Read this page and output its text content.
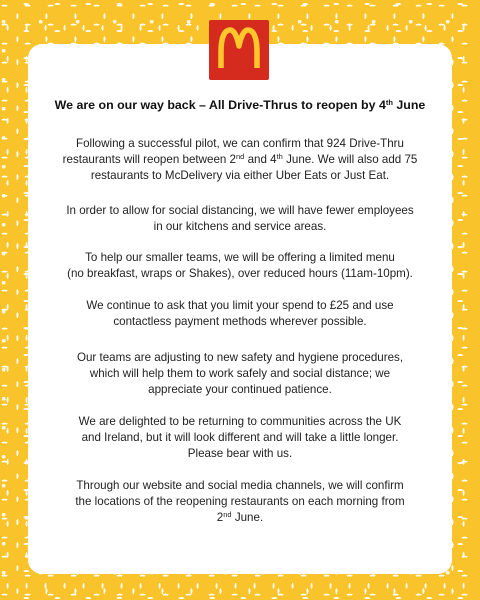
We are on our way back – All Drive-Thrus to reopen by 4th June

Following a successful pilot, we can confirm that 924 Drive-Thru
restaurants will reopen between 2nd and 4th June. We will also add 75
restaurants to McDelivery via either Uber Eats or Just Eat.

In order to allow for social distancing, we will have fewer employees
in our kitchens and service areas.

To help our smaller teams, we will be offering a limited menu
(no breakfast, wraps or Shakes), over reduced hours (11am-10pm).

We continue to ask that you limit your spend to £25 and use
contactless payment methods wherever possible.

Our teams are adjusting to new safety and hygiene procedures,
which will help them to work safely and social distance; we
appreciate your continued patience.

We are delighted to be returning to communities across the UK
and Ireland, but it will look different and will take a little longer.
Please bear with us.

Through our website and social media channels, we will confirm
the locations of the reopening restaurants on each morning from
2nd June.
